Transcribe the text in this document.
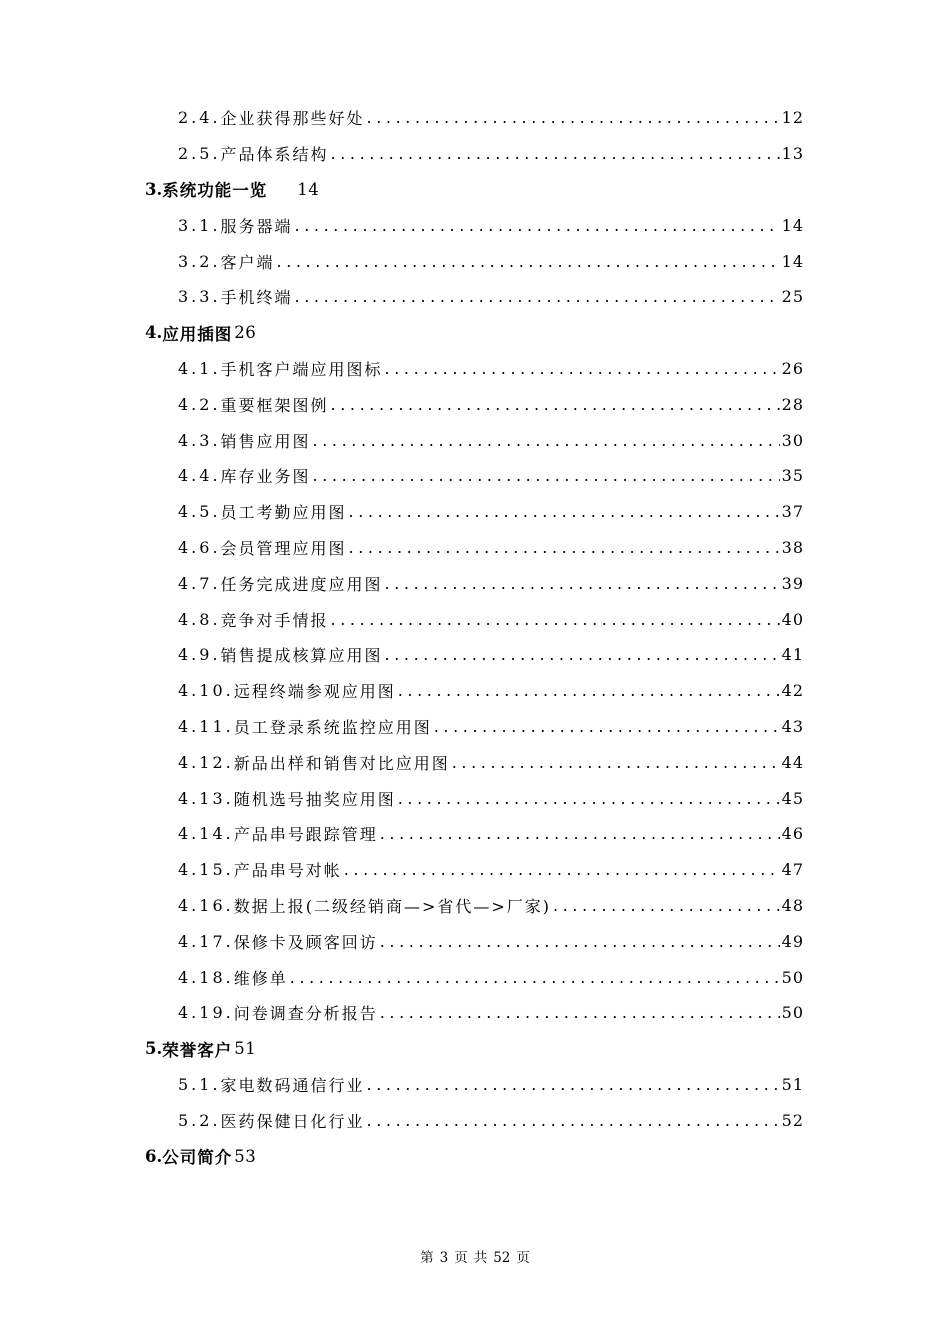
2.4. 企业获得那些好处 .....	12
2.5. 产品体系结构 .....	13
3. 系统功能一览 14
3.1. 服务器端 .....	14
3.2. 客户端 .....	14
3.3. 手机终端 .....	25
4. 应用插图 26
4.1. 手机客户端应用图标 .....	26
4.2. 重要框架图例 .....	28
4.3. 销售应用图 .....	30
4.4. 库存业务图 .....	35
4.5. 员工考勤应用图 .....	37
4.6. 会员管理应用图 .....	38
4.7. 任务完成进度应用图 .....	39
4.8. 竞争对手情报 .....	40
4.9. 销售提成核算应用图 .....	41
4.10. 远程终端参观应用图 .....	42
4.11. 员工登录系统监控应用图 .....	43
4.12. 新品出样和销售对比应用图 .....	44
4.13. 随机选号抽奖应用图 .....	45
4.14. 产品串号跟踪管理 .....	46
4.15. 产品串号对帐 .....	47
4.16. 数据上报(二级经销商—>省代—>厂家) .....	48
4.17. 保修卡及顾客回访 .....	49
4.18. 维修单 .....	50
4.19. 问卷调查分析报告 .....	50
5. 荣誉客户 51
5.1. 家电数码通信行业 .....	51
5.2. 医药保健日化行业 .....	52
6. 公司简介 53
第 3 页 共 52 页
